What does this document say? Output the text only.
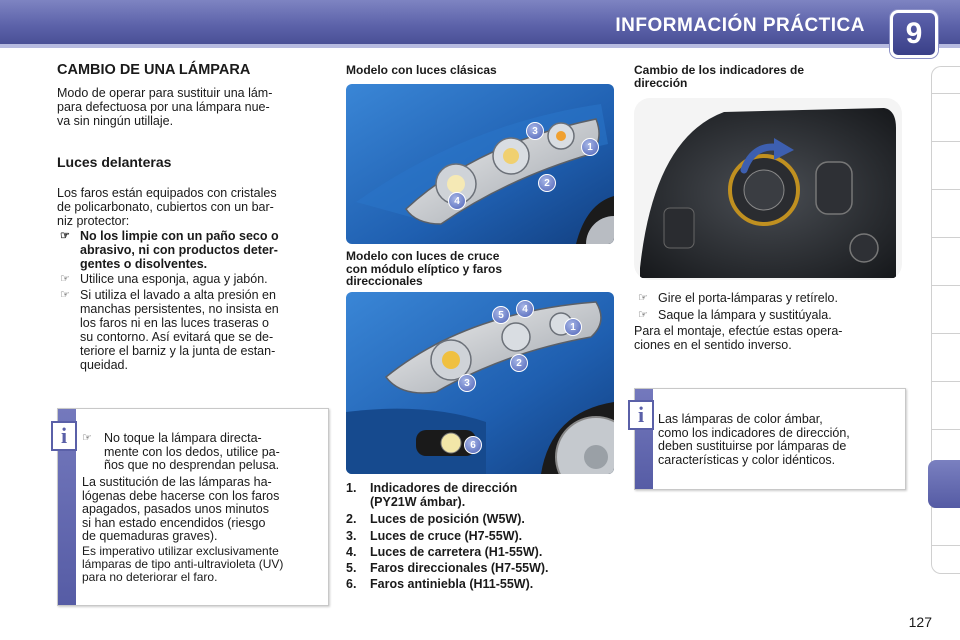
INFORMACIÓN PRÁCTICA	9
CAMBIO DE UNA LÁMPARA
Modo de operar para sustituir una lám-
para defectuosa por una lámpara nue-
va sin ningún utillaje.
Luces delanteras
Los faros están equipados con cristales
de policarbonato, cubiertos con un bar-
niz protector:
☞ No los limpie con un paño seco o
abrasivo, ni con productos deter-
gentes o disolventes.
☞ Utilice una esponja, agua y jabón.
☞ Si utiliza el lavado a alta presión en
manchas persistentes, no insista en
los faros ni en las luces traseras o
su contorno. Así evitará que se de-
teriore el barniz y la junta de estan-
queidad.
i	☞ No toque la lámpara directa-
mente con los dedos, utilice pa-
ños que no desprendan pelusa.
La sustitución de las lámparas ha-
lógenas debe hacerse con los faros
apagados, pasados unos minutos
si han estado encendidos (riesgo
de quemaduras graves).
Es imperativo utilizar exclusivamente
lámparas de tipo anti-ultravioleta (UV)
para no deteriorar el faro.
Modelo con luces clásicas
3
1
2
4
Modelo con luces de cruce
con módulo elíptico y faros
direccionales
5
4
1
2
3
6
1. Indicadores de dirección
(PY21W ámbar).
2. Luces de posición (W5W).
3. Luces de cruce (H7-55W).
4. Luces de carretera (H1-55W).
5. Faros direccionales (H7-55W).
6. Faros antiniebla (H11-55W).
Cambio de los indicadores de
dirección
☞ Gire el porta-lámparas y retírelo.
☞ Saque la lámpara y sustitúyala.
Para el montaje, efectúe estas opera-
ciones en el sentido inverso.
i	Las lámparas de color ámbar,
como los indicadores de dirección,
deben sustituirse por lámparas de
características y color idénticos.
127
